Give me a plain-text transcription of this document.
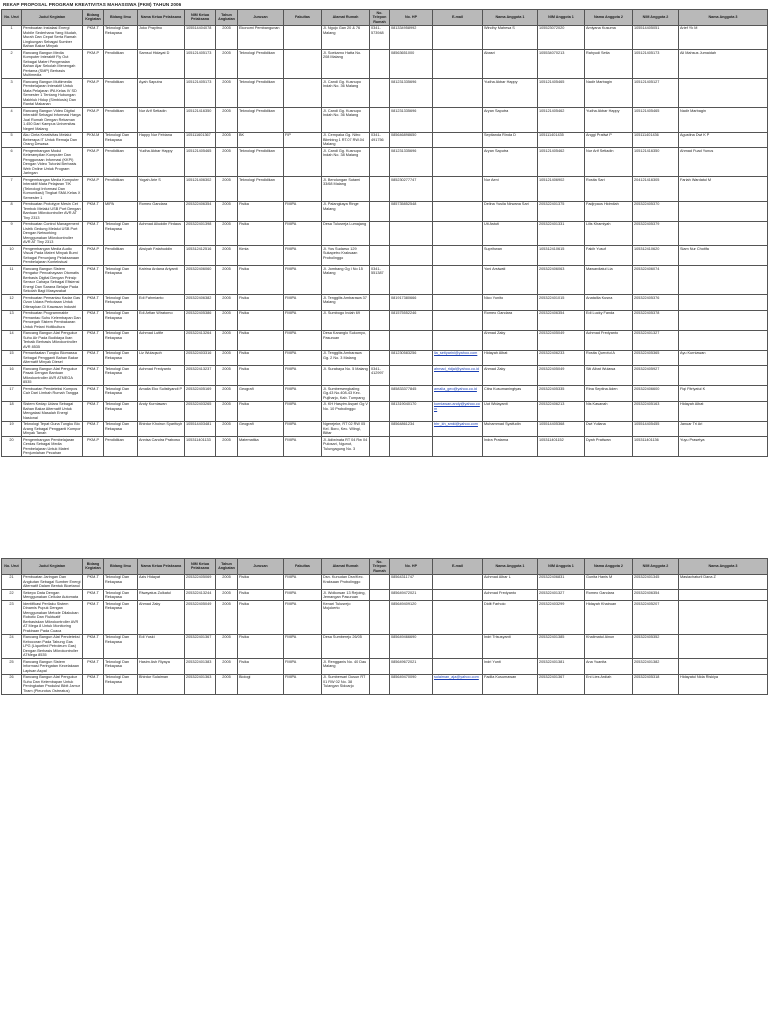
REKAP PROPOSAL PROGRAM KREATIVITAS MAHASISWA (PKM) TAHUN 2006
No. Urut	Judul Kegiatan	Bidang Kegiatan	Bidang Ilmu	Nama Ketua Pelaksana	NIM Ketua Pelaksana	Tahun Angkatan	Jurusan	Fakultas	Alamat Rumah	No. Telepon Rumah	No. HP	E-mail	Nama Anggota 1	NIM Anggota 1	Nama Anggota 2	NIM Anggota 2	Nama Anggota 3
1	Pembuatan Instalasi Energi Mobile Sederhana Yang Mudah, Murah Dan Cepat Serta Ramah Lingkungan Sebagai Sumber Bahan Bakar Minyak	PKM-T	Teknologi Dan Rekayasa	Joko Prayitno	105514404078	2005	Ekonomi Pembangunan		Jl. Ngujo Gan 20 & 76 Malang	0341-573948	081334958992		Windhy Mahesa S	105523072020	Amiyana Kusuma	105514405051	Arief Yk M
2	Rancang Bangun Media Komputer Interaktif Fly Out Sebagai Materi Pengenalan Bahan Ajar Sekolah Menengah Pertama (SMP) Berbasis Multimedia	PKM-P	Pendidikan	Samsul Hidayat D	105121405173	2005	Teknologi Pendidikan		Jl. Soekarno Hatta No. 208 Malang		08563651000		Abasri	105534070213	Rahyudi Setia	105121405173	Ali Mahsus Jumaidah
3	Rancang Bangun Multimedia Pembelajaran Interaktif Untuk Mata Pelajaran IPA Kelas IV SD Semester 1 Tentang Hubungan Makhluk Hidup (Simbiosis) Dan Rantai Makanan	PKM-P	Pendidikan	Ayah Saputra	105121405173	2005	Teknologi Pendidikan		Jl. Candi Gg. Kusnupo Indah No. 36 Malang		081231335696		Yudha Akbar Happy	105121405465	Nadir Marbagin	105121405127	
4	Rancang Bangun Video Digital Interaktif Sebagai Informasi Harga Jual Rumah Dengan Rekaman 1.450 Dari Kampus Universitas Negeri Malang	PKM-P	Pendidikan	Nur Arif Setiadin	105121416350	2005	Teknologi Pendidikan		Jl. Candi Gg. Kusnupo Indah No. 36 Malang		081231335696		Aryan Saputra	105121405462	Yudha Akbar Happy	105121405465	Nadir Marbagin
5	Aku Cinta Kreativitas Melalui Beberapa IT Untuk Remaja Dan Orang Dewasa	PKM-M	Teknologi Dan Rekayasa	Happy Nur Febiana	105111601367	2005	BK	FIP	Jl. Cempaka Gg. Nitro Blimbing 1 RT.07 RW.04 Malang	0341-491756	085646898650		Septianda Rinda D	105111401435	Anggi Pratiwi P	105111401436	Agustina Dwi K P
6	Pengembangan Modul Keterampilan Komputer Dan Penggunaan Informasi (KKPI) Dengan Video Tutorial Berbasis Web Online Untuk Program Jaringan	PKM-P	Pendidikan	Yudha Akbar Happy	105121405465	2005	Teknologi Pendidikan		Jl. Candi Gg. Kusnupo Indah No. 38 Malang		081231335696		Aryan Saputra	105121405462	Nur Arif Setiadin	105121416350	Ahmad Fuad Yunus
7	Pengembangan Media Komputer Interaktif Mata Pelajaran TIK (Teknologi Informasi Dan Komunikasi) Tingkat SMA Kelas X Semester 1	PKM-P	Pendidikan	Yogah Arie S	105121406302	2005	Teknologi Pendidikan		Jl. Bendungan Sutami 33/68 Malang		085230277747		Nur Aeni	105121406902	Rosita Sari	204121416305	Fariah Wardatul M
8	Pembuatan Prototype Mesin Cet Tembok Melalui USB Port Dengan Bantuan Mikrokontroller AVR AT Tiny 2313	PKM-T	MIPA	Romeo Gandara	205322406354	2005	Fisika	FMIPA	Jl. Palangkaya Ringe Malang		085735852548		Delina Yusila Nirwana Sari	205322401375	Fadjrpaus Hidmilah	205322405370	
9	Pembuatan Control Management Listrik Gedung Melalui USB Port Dengan Networking Menggunakan Mikrokontroller AVR AT Tiny 2313	PKM-T	Teknologi Dan Rekayasa	Achmad Aliuddin Firdaus	205322401398	2005	Fisika	FMIPA	Desa Tulusreja Lumajang				Uti Astuti	205322401331	Lilis Khamiyah	205322405379	
10	Pengembangan Media Audio Visual Pada Materi Minyak Bumi Sebagai Penunjang Pelaksanaan Pembelajaran Kontekstual	PKM-P	Pendidikan	Alwiyah Fatahuddin	105312412516	2005	Kimia	FMIPA	Jl. Yos Sudarso 129 Sukapetro Kraksaan Probolinggo				Suprihwan	105312410615	Fakih Yusuf	105312410620	Siam Nur Chotifa
11	Rancang Bangun Sistem Pengatur Pencahayaan Otomatis Berbasis Digital Dengan Prinsip Sensor Cahaya Sebagai Efisiensi Energi Dan Sarana Belajar Pada Sekolah Bagi Masyarakat	PKM-T	Teknologi Dan Rekayasa	Katrina Ardana Ariyanti	205322406060	2005	Fisika	FMIPA	Jl. Jombang Gg I No 15 Malang	0341-551387			Yoni Arsiwati	205322406063	Mawardiatul Lia	205322406074	
12	Pembuatan Pemantau Kadar Gas Ozon Udara Perkotaan Untuk Diterapkan Di Kawasan Industri	PKM-T	Teknologi Dan Rekayasa	Edi Fahmianto	205322406382	2005	Fisika	FMIPA	Jl. Tenggilis Ambarawa 37 Malang		081917380666		Nico Yunito	205322401015	Anatallia Kusna	205322405376	
13	Pembuatan Programmable Pemantau Suhu Kelembapan Dan Pencegah Sistem Pembakaran Untuk Petani Holtikultura	PKM-T	Teknologi Dan Rekayasa	Edi Arfian Wiratomo	205322405386	2005	Fisika	FMIPA	Jl. Sumbogo Indah 69		081575552246		Romeo Gandara	205322406354	Edi Lucky Fanda	205322405378	
14	Rancang Bangun Alat Pengukur Suhu Air Pada Budidaya Ikan Terbaik Berbasis Mikrokontroller AVR 8535	PKM-T	Teknologi Dan Rekayasa	Achmad Lutfie	205322413264	2005	Fisika	FMIPA	Desa Karanglo Sukomyo, Pasuruan				Ahmad Zaky	205322405049	Achmad Fredyanto	205322401327	
15	Pemanfaatan Tungku Biomassa Sebagai Pengganti Bahan Bakar Alternatif Minyak Diesel	PKM-T	Teknologi Dan Rekayasa	Liz Wulaqsoh	205322403316	2005	Fisika	FMIPA	Jl. Tenggilis Ambarawa Gg. 2 No. 3 Malang		081230583256	lia_setiyarini@yahoo.com	Hidayah Albat	205322406233	Rosita Qurrotul A	205322405365	Ayu Kurniawan
16	Rancang Bangun Alat Pengukur Pasak Dengan Bantuan Mikrokontroller AVR ATMEGA 8535	PKM-T	Teknologi Dan Rekayasa	Achmad Fredyanto	205322413237	2005	Fisika	FMIPA	Jl. Surabaya No. 5 Malang	0341-412997		ahmad_ridjal@yahoo.co.id	Ahmad Zaky	205322405049	Siti Albat Wulawa	205322405927	
17	Pembuatan Pendeteksi Kompos Cair Dari Limbah Rumah Tangga	PKM-T	Teknologi Dan Rekayasa	Amalia Eko Sulistiyandi P	205322405169	2005	Geografi	FMIPA	Jl. Sumbersengkaling Gg.43 No.408-43 Kec. Pujiharjo, Kab. Tumpang		085833377845	amalia_geo@yahoo.co.id	Citra Kusumaningtyas	205322405335	Rina Septina Aden	205322406600	Fiqi Fitriyatul K
18	Sistem Kedap Udara Sebagai Bahan Bakar Alternatif Untuk Mengatasi Masalah Energi Nasional	PKM-T	Teknologi Dan Rekayasa	Andy Kurniawan	205322403265	2005	Fisika	FMIPA	Jl. KH Hasyim Asyari Gg V No. 10 Probolinggo		081319040170	kurniawan.andy@yahoo.com	Uut Widayanti	205322406213	Nis Kasanah	205322405163	Hidayah Albat
19	Teknologi Tepat Guna Tungku Bio Arang Sebagai Pengganti Kompor Minyak Tanah	PKM-T	Teknologi Dan Rekayasa	Bhirdur Khoirun Syarifuyh	105514403481	2005	Geografi	FMIPA	Ngerejeke, RT 02 RW 05 Kel. Boro, Kec. Wlingi, Blitar		08564861234	bhr_kh_smkl@yahoo.com	Muhammad Syaifudin	105514405368	Dwi Yuliana	105514405455	Januar Tri Ari
20	Pengembangan Pembelajaran Cerdas Sebagai Media Pembelajaran Untuk Materi Penjumlahan Pecahan	PKM-P	Pendidikan	Annisa Candra Prabowo	105311401133	2005	Matematika	FMIPA	Jl. Adiwinata RT 04 Rw 04 Pulosari, Ngunut, Tulungagung No. 3				Indra Pratama	105311401152	Dyah Pratiwan	105311401136	Yuyu Prasetya
No. Urut	Judul Kegiatan	Bidang Kegiatan	Bidang Ilmu	Nama Ketua Pelaksana	NIM Ketua Pelaksana	Tahun Angkatan	Jurusan	Fakultas	Alamat Rumah	No. Telepon Rumah	No. HP	E-mail	Nama Anggota 1	NIM Anggota 1	Nama Anggota 2	NIM Anggota 2	Nama Anggota 3
21	Pembuatan Jaringan Dan Angkutan Sebagai Sumber Energi Alternatif Dalam Bentuk Bioetanol	PKM-T	Teknologi Dan Rekayasa	Azis Hidayat	205322405069	2005	Fisika	FMIPA	Dsn. Kunudan Dsn/Kec. Kraksaan Probolinggo		08564311747		Achmad Albar L	205322406831	Gunita Hanis M	205322401345	Maslachaturli Dana Z
22	Sekepo Data Dengan Menggunakan Cellular Automata	PKM-T	Teknologi Dan Rekayasa	Riwayatus Zulkatul	205322413244	2005	Fisika	FMIPA	Jl. Wolkowan 13 Rejoing, Jemangan Pasuruan		085649472021		Achmad Fredyanto	205322401327	Romeo Gandara	205322406354	
23	Identifikasi Perilaku Sistem Dinamis Pupuk Dengan Menggunakan Metode Dilakukan Robotic Dan Fluktuatif Berbasiskan Mikrokontroller AVR AT Mega 8 Untuk Monitoring Prakiraan Pada Cuaca	PKM-T	Teknologi Dan Rekayasa	Ahmad Zaky	205322405049	2005	Fisika	FMIPA	Kenari Tulusrejo Mojokerto		085649409120		Didit Farhoio	205322403299	Hidayah Khairuan	205322405207	
24	Rancang Bangun Alat Pendeteksi Kebocoran Pada Tabung Gas LPG (Liquefied Petroleum Gas) Dengan Berbasis Mikrokontroller ATMega 8535	PKM-T	Teknologi Dan Rekayasa	Edi Yuski	205322401367	2005	Fisika	FMIPA	Desa Sumberejo 26/05		085649466690		Indri Trisusyanti	205322401385	Khalimatul Ainun	205322405352	
25	Rancang Bangun Sistem Informasi Peringatan Kecelakaan Lapisan Aspal	PKM-T	Teknologi Dan Rekayasa	Hasim Ash Riyaya	205322401383	2005	Fisika	FMIPA	Jl. Rengganis No. 40 Dau Malang		085649672021		Indri Yunti	205322401381	Ana Yuanita	205322401382	
26	Rancang Bangun Alat Pengukur Suhu Dan Kelembapan Untuk Peningkatan Produksi Bibit Jamur Tiram (Pleurotus Ostreatus)	PKM-T	Teknologi Dan Rekayasa	Bhirdur Sulaiman	205322401363	2005	Biologi	FMIPA	Jl. Sumbersari Dusun RT 01 RW 02 No. 38 Tulangan Sidoarjo		085649470090	sulaiman_aja@yahoo.com	Fadila Kusumawan	205322401367	Eni Lies Ardiah	205322405318	Hidayatul Nida Riskiya
